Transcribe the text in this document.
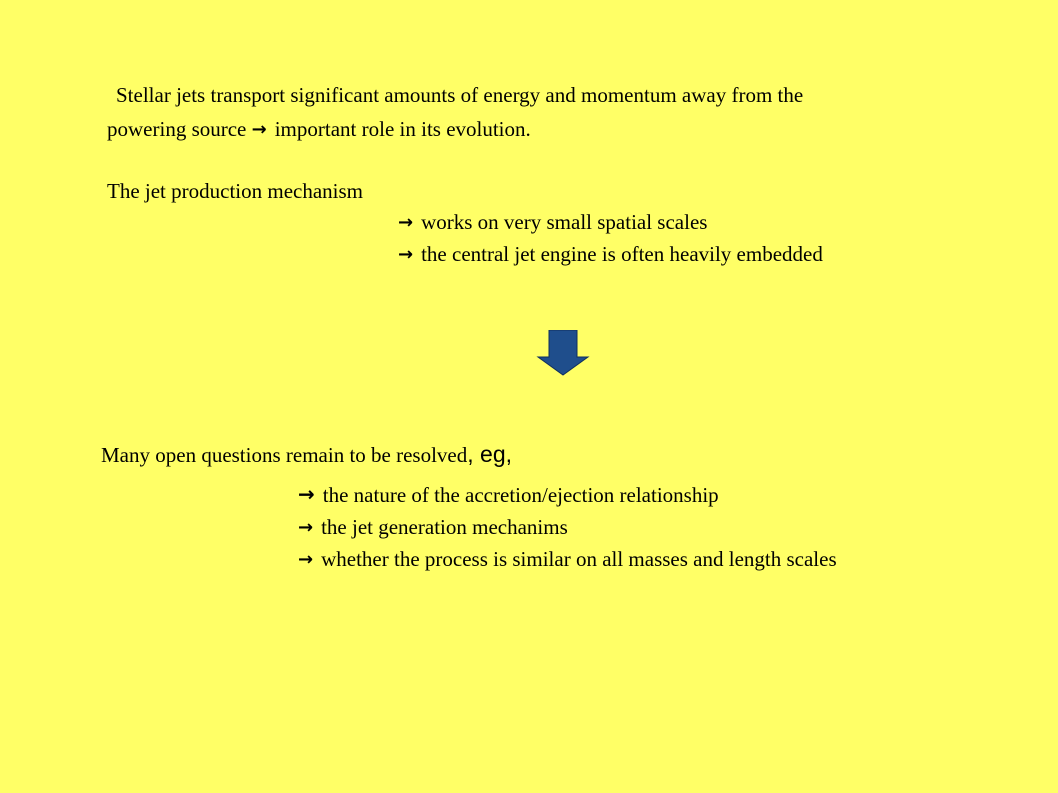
Stellar jets transport significant amounts of energy and momentum away from the
powering source → important role in its evolution.
The jet production mechanism
→ works on very small spatial scales
→ the central jet engine is often heavily embedded
Many open questions remain to be resolved, eg,
→ the nature of the accretion/ejection relationship
→ the jet generation mechanims
→ whether the process is similar on all masses and length scales
